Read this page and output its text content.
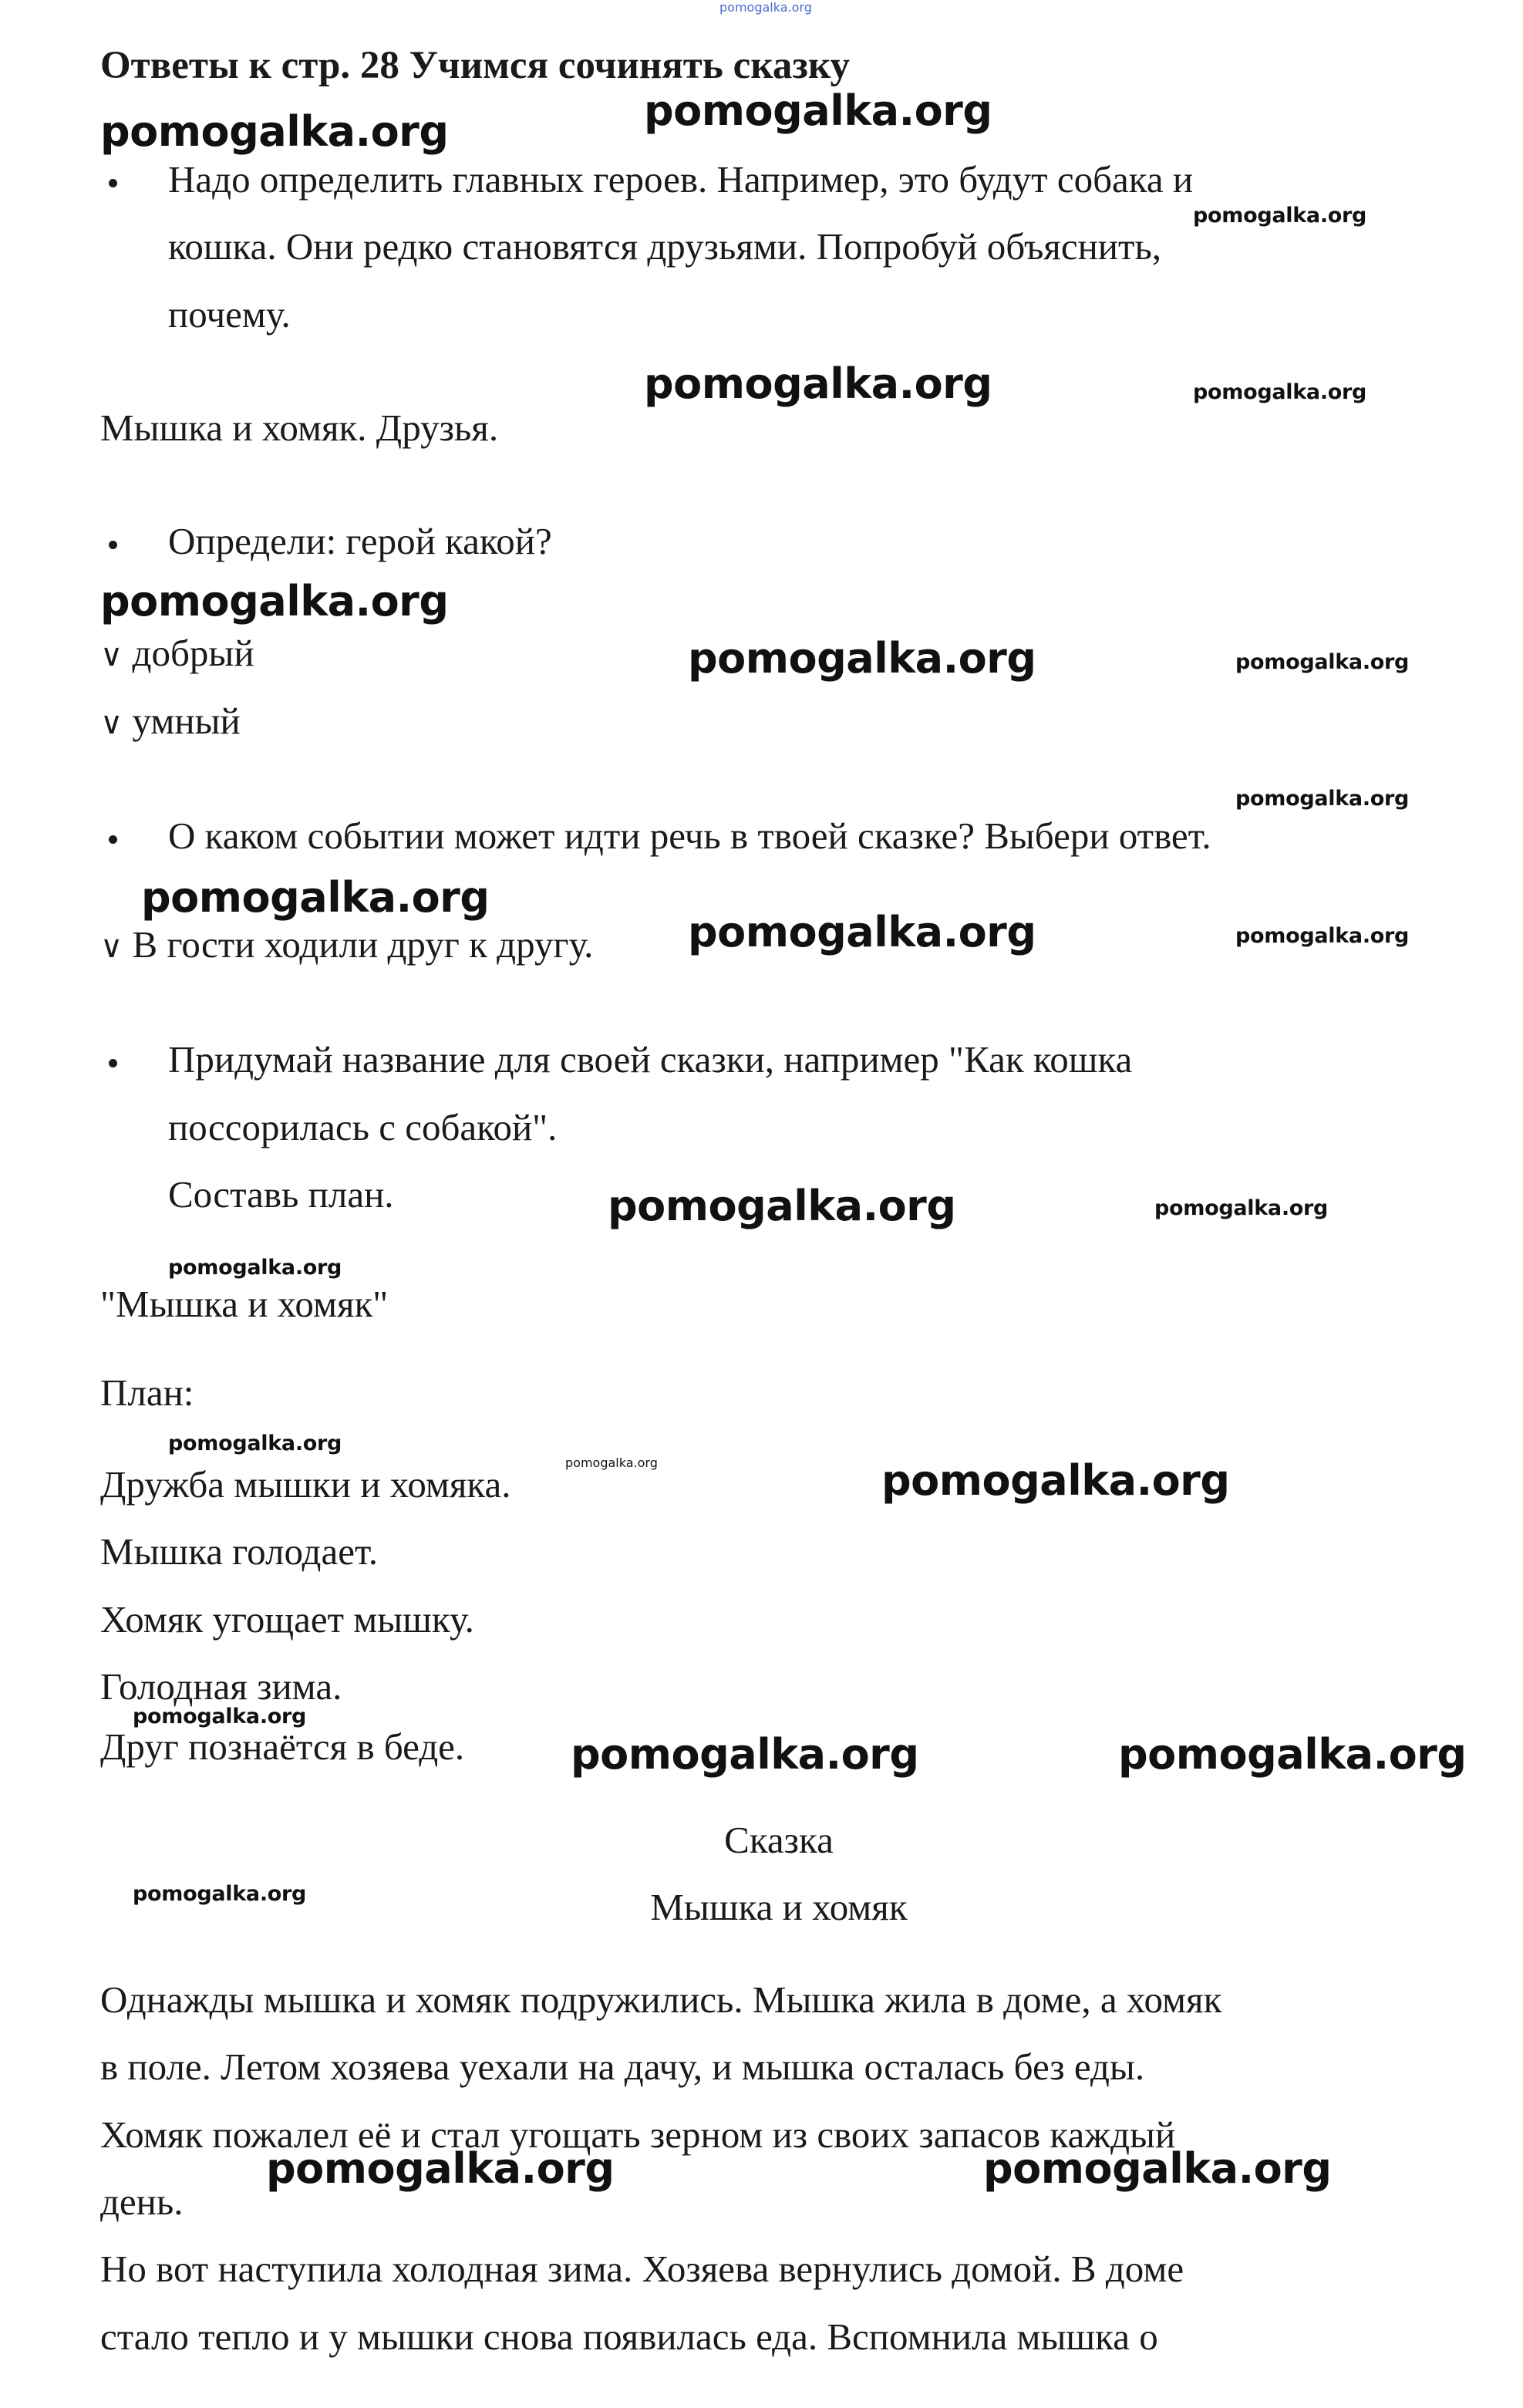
pomogalka.org
Ответы к стр. 28 Учимся сочинять сказку
Надо определить главных героев. Например, это будут собака и
кошка. Они редко становятся друзьями. Попробуй объяснить,
почему.
Мышка и хомяк. Друзья.
Определи: герой какой?
∨ добрый
∨ умный
О каком событии может идти речь в твоей сказке? Выбери ответ.
∨ В гости ходили друг к другу.
Придумай название для своей сказки, например "Как кошка
поссорилась с собакой".
Составь план.
"Мышка и хомяк"
План:
Дружба мышки и хомяка.
Мышка голодает.
Хомяк угощает мышку.
Голодная зима.
Друг познаётся в беде.
Сказка
Мышка и хомяк
Однажды мышка и хомяк подружились. Мышка жила в доме, а хомяк
в поле. Летом хозяева уехали на дачу, и мышка осталась без еды.
Хомяк пожалел её и стал угощать зерном из своих запасов каждый
день.
Но вот наступила холодная зима. Хозяева вернулись домой. В доме
стало тепло и у мышки снова появилась еда. Вспомнила мышка о
pomogalka.org	pomogalka.org
pomogalka.org
pomogalka.org	pomogalka.org
pomogalka.org
pomogalka.org	pomogalka.org
pomogalka.org
pomogalka.org
pomogalka.org	pomogalka.org
pomogalka.org	pomogalka.org
pomogalka.org
pomogalka.org
pomogalka.org	pomogalka.org
pomogalka.org
pomogalka.org	pomogalka.org
pomogalka.org
pomogalka.org	pomogalka.org
